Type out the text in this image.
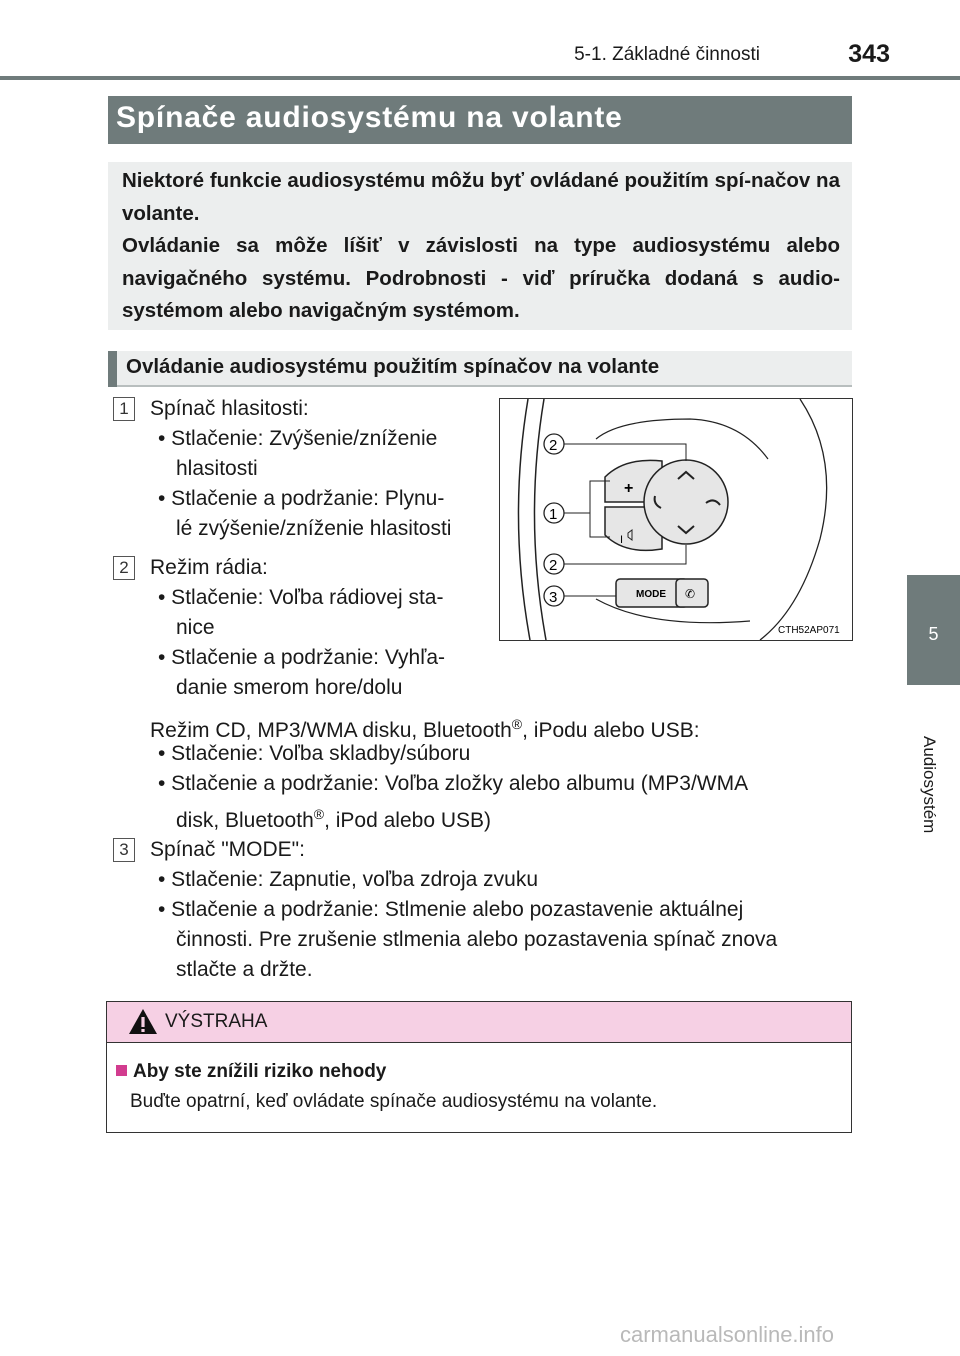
5-1. Základné činnosti	343
5
Audiosystém
Spínače audiosystému na volante

Niektoré funkcie audiosystému môžu byť ovládané použitím spí-načov na volante.

Ovládanie sa môže líšiť v závislosti na type audiosystému alebo navigačného systému. Podrobnosti - viď príručka dodaná s audio-systémom alebo navigačným systémom.

Ovládanie audiosystému použitím spínačov na volante
1 Spínač hlasitosti:
• Stlačenie: Zvýšenie/zníženie
hlasitosti
• Stlačenie a podržanie: Plynu-
lé zvýšenie/zníženie hlasitosti
2 Režim rádia:
• Stlačenie: Voľba rádiovej sta-
nice
• Stlačenie a podržanie: Vyhľa-
danie smerom hore/dolu
Režim CD, MP3/WMA disku, Bluetooth®, iPodu alebo USB:
• Stlačenie: Voľba skladby/súboru
• Stlačenie a podržanie: Voľba zložky alebo albumu (MP3/WMA
disk, Bluetooth®, iPod alebo USB)
3 Spínač "MODE":
• Stlačenie: Zapnutie, voľba zdroja zvuku
• Stlačenie a podržanie: Stlmenie alebo pozastavenie aktuálnej
činnosti. Pre zrušenie stlmenia alebo pozastavenia spínač znova
stlačte a držte.
+
I
MODE ✆
2
1
2
3
CTH52AP071
VÝSTRAHA
Aby ste znížili riziko nehody
Buďte opatrní, keď ovládate spínače audiosystému na volante.
carmanualsonline.info
